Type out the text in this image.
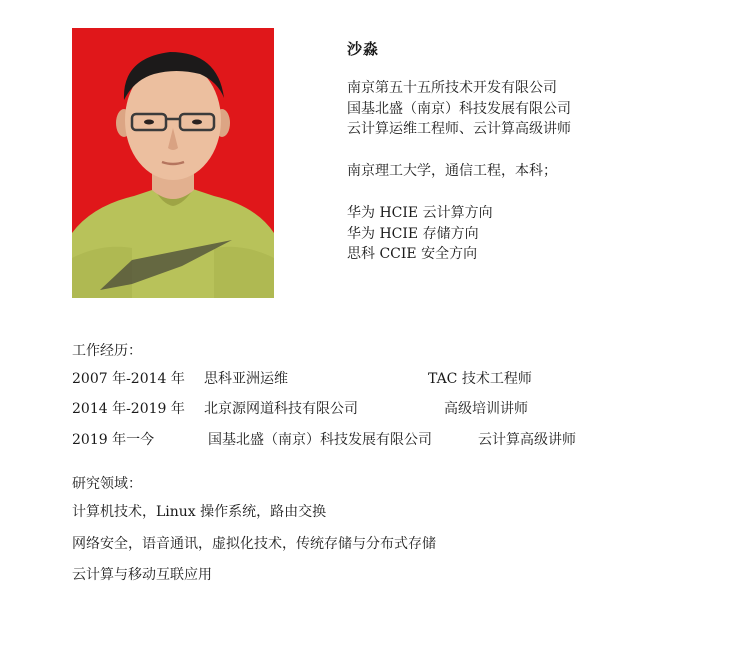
沙淼
南京第五十五所技术开发有限公司
国基北盛（南京）科技发展有限公司
云计算运维工程师、云计算高级讲师
南京理工大学，通信工程，本科；
华为 HCIE 云计算方向
华为 HCIE 存储方向
思科 CCIE 安全方向
工作经历：
2007 年-2014 年 思科亚洲运维	TAC 技术工程师
2014 年-2019 年 北京源网道科技有限公司	高级培训讲师
2019 年一今	国基北盛（南京）科技发展有限公司	云计算高级讲师
研究领域：
计算机技术，Linux 操作系统，路由交换
网络安全，语音通讯，虚拟化技术，传统存储与分布式存储
云计算与移动互联应用
